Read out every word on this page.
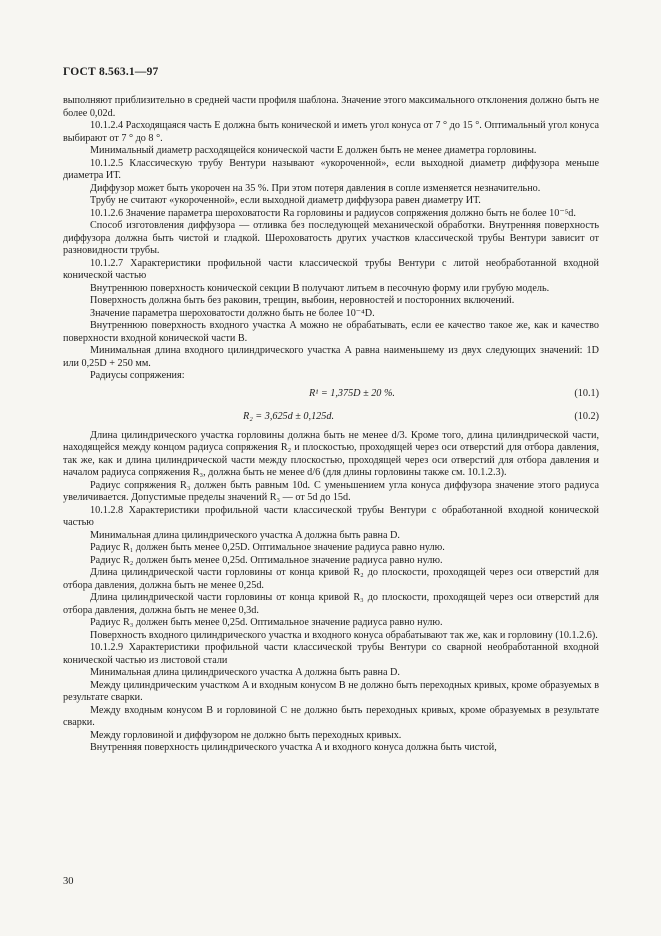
ГОСТ 8.563.1—97

выполняют приблизительно в средней части профиля шаблона. Значение этого максимального отклонения должно быть не более 0,02d.

10.1.2.4 Расходящаяся часть E должна быть конической и иметь угол конуса от 7 ° до 15 °. Оптимальный угол конуса выбирают от 7 ° до 8 °.

Минимальный диаметр расходящейся конической части E должен быть не менее диаметра горловины.

10.1.2.5 Классическую трубу Вентури называют «укороченной», если выходной диаметр диффузора меньше диаметра ИТ.

Диффузор может быть укорочен на 35 %. При этом потеря давления в сопле изменяется незначительно.

Трубу не считают «укороченной», если выходной диаметр диффузора равен диаметру ИТ.

10.1.2.6 Значение параметра шероховатости Ra горловины и радиусов сопряжения должно быть не более 10⁻⁵d.

Способ изготовления диффузора — отливка без последующей механической обработки. Внутренняя поверхность диффузора должна быть чистой и гладкой. Шероховатость других участков классической трубы Вентури зависит от разновидности трубы.

10.1.2.7 Характеристики профильной части классической трубы Вентури с литой необработанной входной конической частью

Внутреннюю поверхность конической секции B получают литьем в песочную форму или грубую модель.

Поверхность должна быть без раковин, трещин, выбоин, неровностей и посторонних включений.

Значение параметра шероховатости должно быть не более 10⁻⁴D.

Внутреннюю поверхность входного участка A можно не обрабатывать, если ее качество такое же, как и качество поверхности входной конической части B.

Минимальная длина входного цилиндрического участка A равна наименьшему из двух следующих значений: 1D или 0,25D + 250 мм.

Радиусы сопряжения:

R¹ = 1,375D ± 20 %.	(10.1)
R₂ = 3,625d ± 0,125d.	(10.2)

Длина цилиндрического участка горловины должна быть не менее d/3. Кроме того, длина цилиндрической части, находящейся между концом радиуса сопряжения R₂ и плоскостью, проходящей через оси отверстий для отбора давления, так же, как и длина цилиндрической части между плоскостью, проходящей через оси отверстий для отбора давления и началом радиуса сопряжения R₃, должна быть не менее d/6 (для длины горловины также см. 10.1.2.3).

Радиус сопряжения R₃ должен быть равным 10d. С уменьшением угла конуса диффузора значение этого радиуса увеличивается. Допустимые пределы значений R₃ — от 5d до 15d.

10.1.2.8 Характеристики профильной части классической трубы Вентури с обработанной входной конической частью

Минимальная длина цилиндрического участка A должна быть равна D.

Радиус R₁ должен быть менее 0,25D. Оптимальное значение радиуса равно нулю.

Радиус R₂ должен быть менее 0,25d. Оптимальное значение радиуса равно нулю.

Длина цилиндрической части горловины от конца кривой R₂ до плоскости, проходящей через оси отверстий для отбора давления, должна быть не менее 0,25d.

Длина цилиндрической части горловины от конца кривой R₃ до плоскости, проходящей через оси отверстий для отбора давления, должна быть не менее 0,3d.

Радиус R₃ должен быть менее 0,25d. Оптимальное значение радиуса равно нулю.

Поверхность входного цилиндрического участка и входного конуса обрабатывают так же, как и горловину (10.1.2.6).

10.1.2.9 Характеристики профильной части классической трубы Вентури со сварной необработанной входной конической частью из листовой стали

Минимальная длина цилиндрического участка A должна быть равна D.

Между цилиндрическим участком A и входным конусом B не должно быть переходных кривых, кроме образуемых в результате сварки.

Между входным конусом B и горловиной C не должно быть переходных кривых, кроме образуемых в результате сварки.

Между горловиной и диффузором не должно быть переходных кривых.

Внутренняя поверхность цилиндрического участка A и входного конуса должна быть чистой,

30
